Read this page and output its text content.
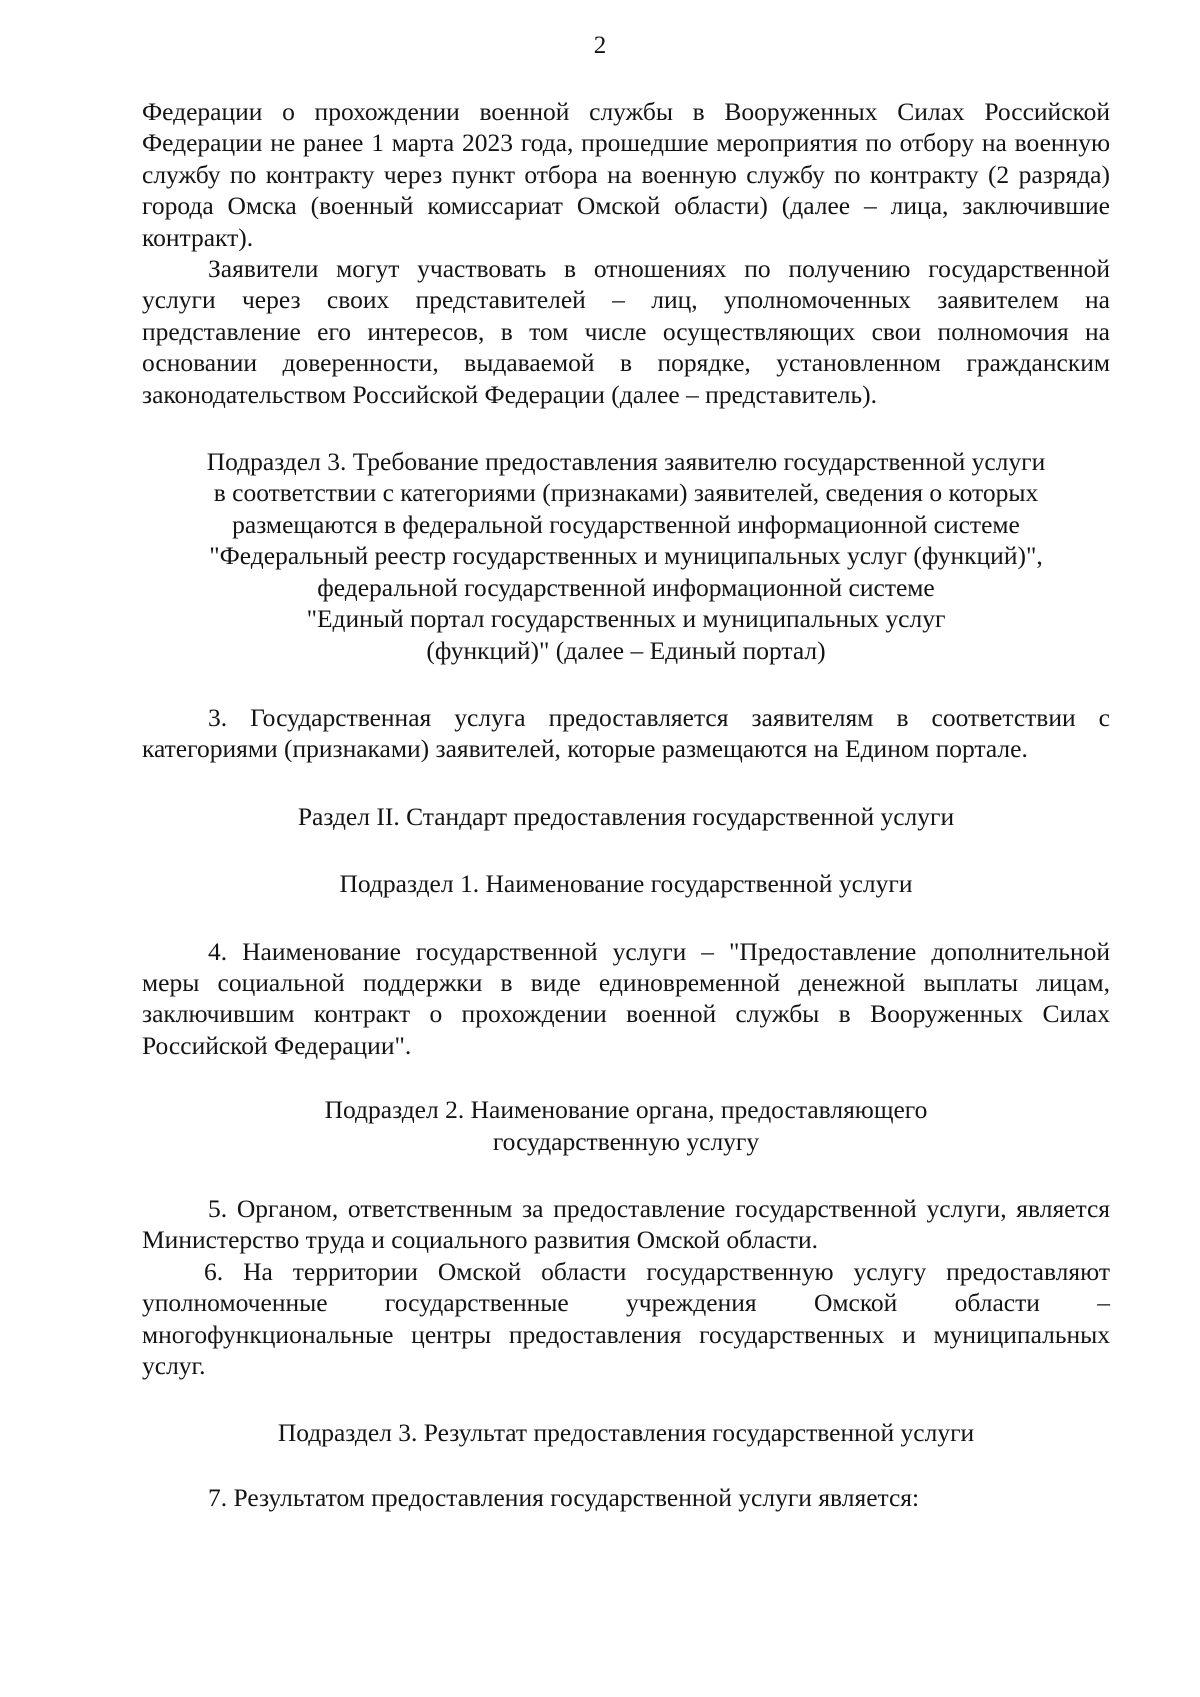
2

Федерации о прохождении военной службы в Вооруженных Силах Российской Федерации не ранее 1 марта 2023 года, прошедшие мероприятия по отбору на военную службу по контракту через пункт отбора на военную службу по контракту (2 разряда) города Омска (военный комиссариат Омской области) (далее – лица, заключившие контракт).

Заявители могут участвовать в отношениях по получению государственной услуги через своих представителей – лиц, уполномоченных заявителем на представление его интересов, в том числе осуществляющих свои полномочия на основании доверенности, выдаваемой в порядке, установленном гражданским законодательством Российской Федерации (далее – представитель).

Подраздел 3. Требование предоставления заявителю государственной услуги
в соответствии с категориями (признаками) заявителей, сведения о которых
размещаются в федеральной государственной информационной системе
"Федеральный реестр государственных и муниципальных услуг (функций)",
федеральной государственной информационной системе
"Единый портал государственных и муниципальных услуг
(функций)" (далее – Единый портал)

3. Государственная услуга предоставляется заявителям в соответствии с категориями (признаками) заявителей, которые размещаются на Едином портале.

Раздел II. Стандарт предоставления государственной услуги
Подраздел 1. Наименование государственной услуги

4. Наименование государственной услуги – "Предоставление дополнительной меры социальной поддержки в виде единовременной денежной выплаты лицам, заключившим контракт о прохождении военной службы в Вооруженных Силах Российской Федерации".

Подраздел 2. Наименование органа, предоставляющего
государственную услугу

5. Органом, ответственным за предоставление государственной услуги, является Министерство труда и социального развития Омской области.

6. На территории Омской области государственную услугу предоставляют уполномоченные государственные учреждения Омской области – многофункциональные центры предоставления государственных и муниципальных услуг.

Подраздел 3. Результат предоставления государственной услуги

7. Результатом предоставления государственной услуги является:
